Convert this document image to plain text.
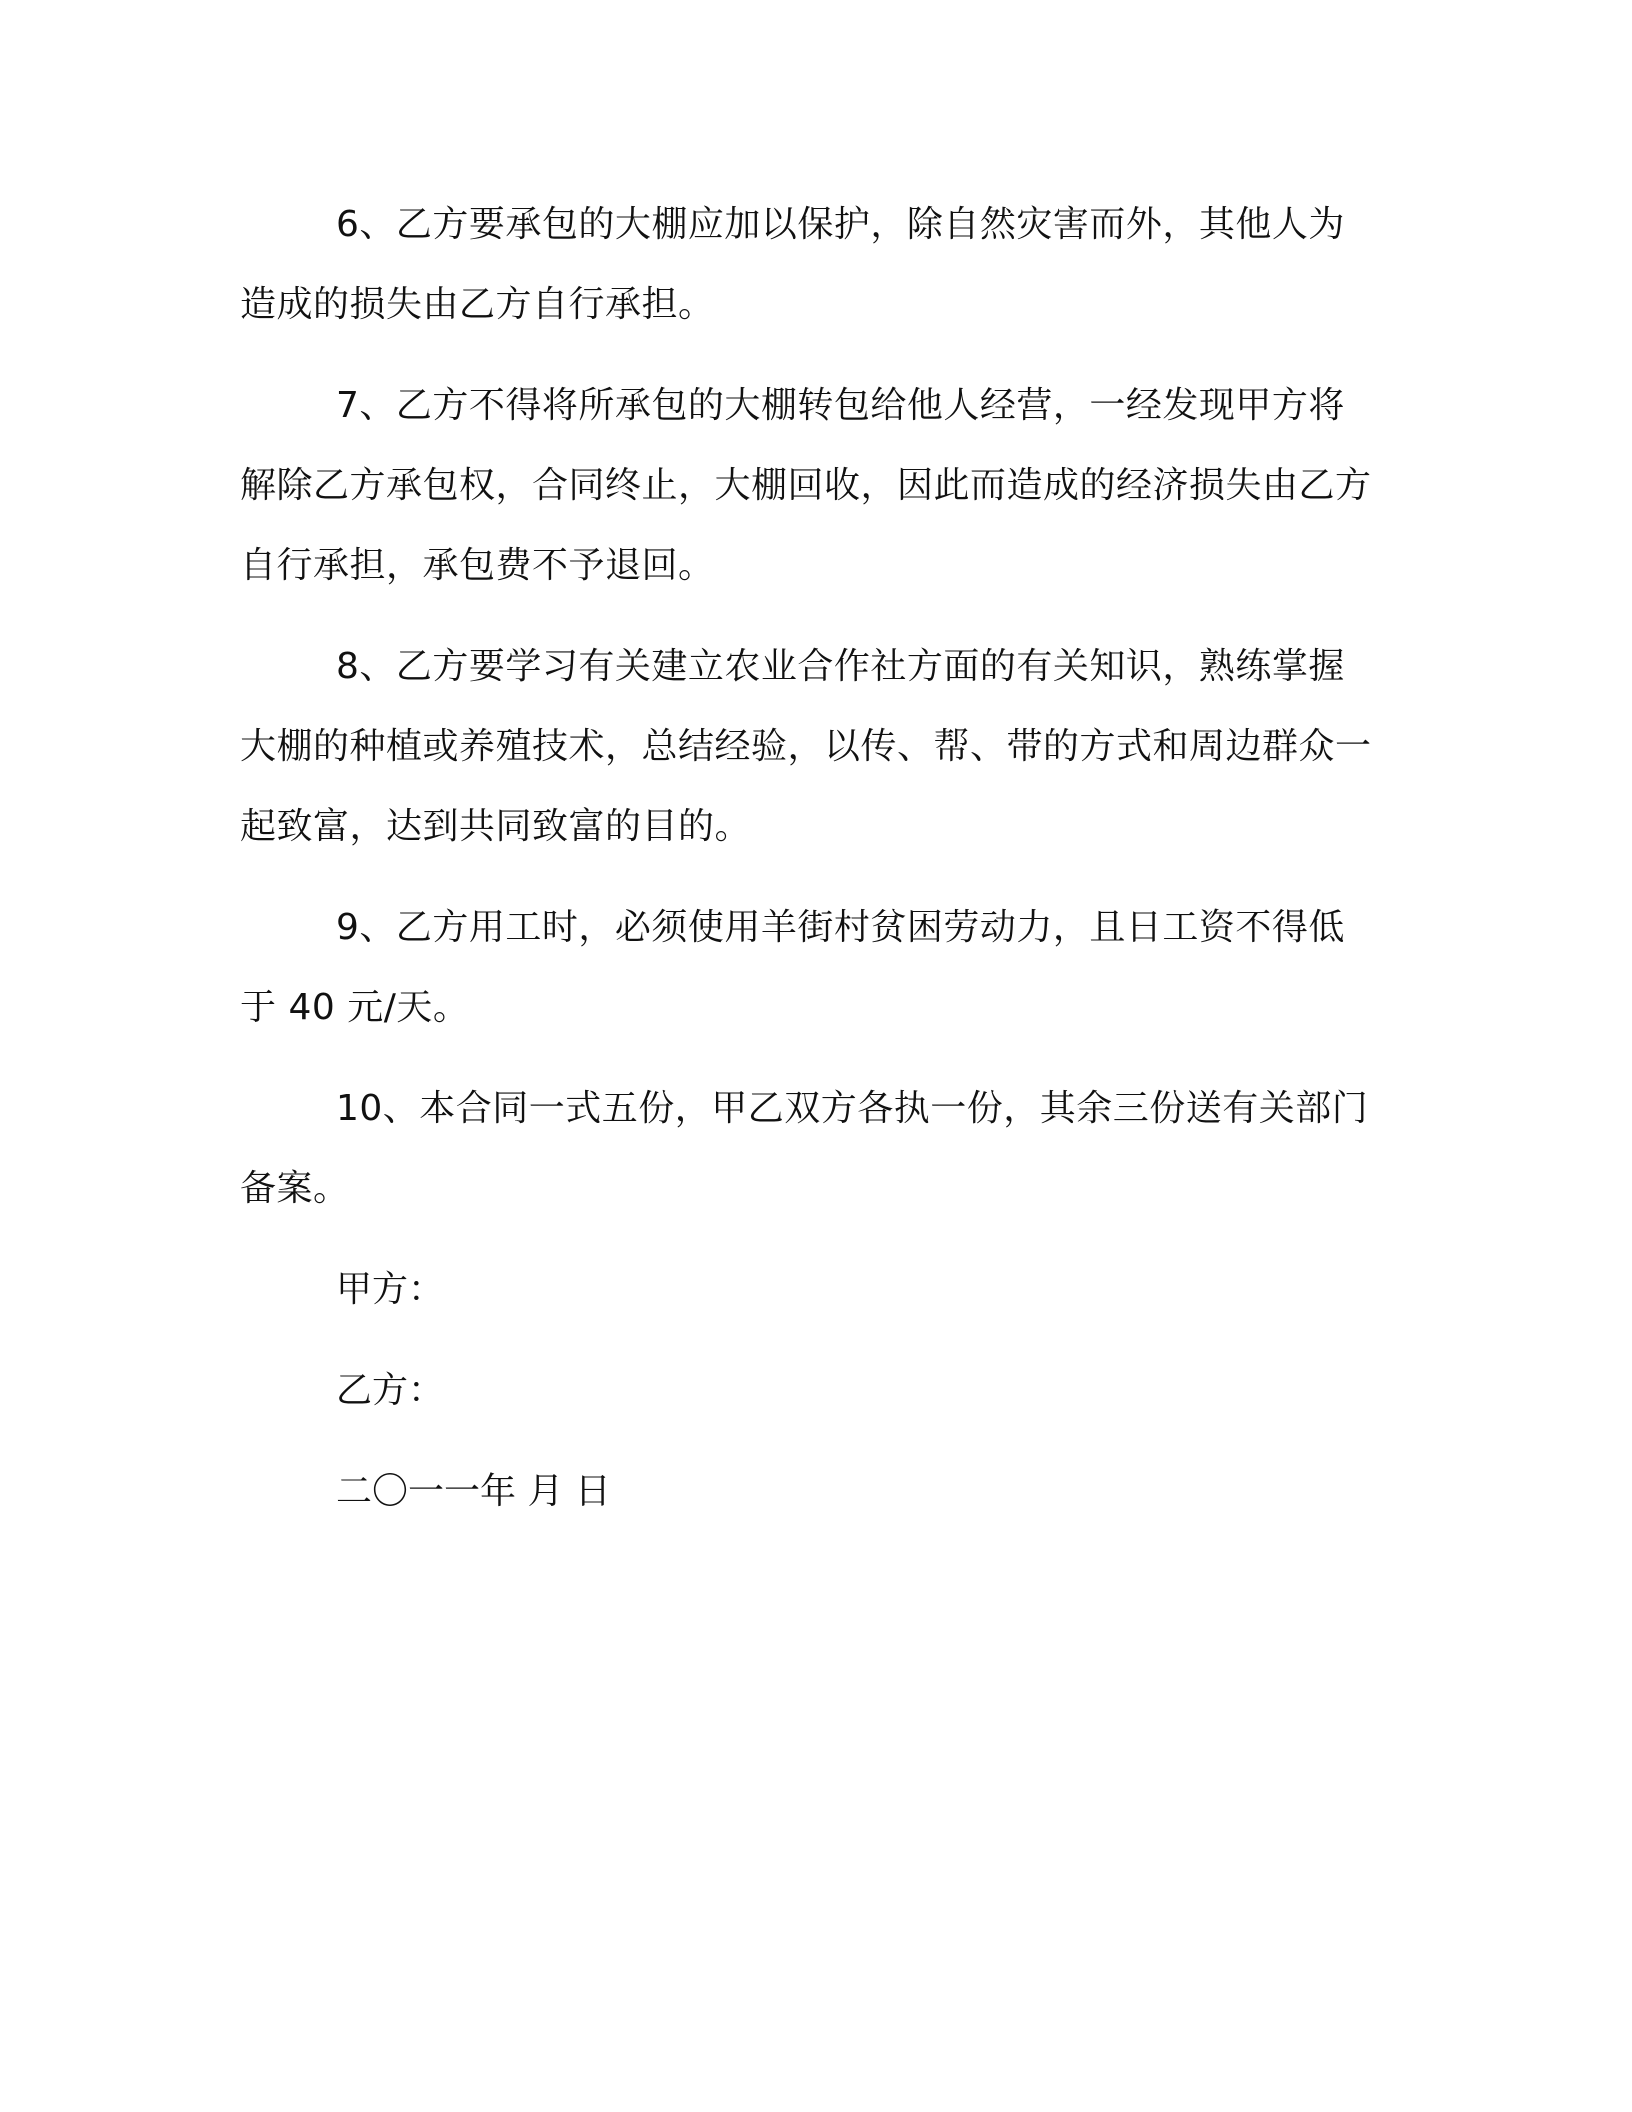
6、乙方要承包的大棚应加以保护，除自然灾害而外，其他人为造成的损失由乙方自行承担。

7、乙方不得将所承包的大棚转包给他人经营，一经发现甲方将解除乙方承包权，合同终止，大棚回收，因此而造成的经济损失由乙方自行承担，承包费不予退回。

8、乙方要学习有关建立农业合作社方面的有关知识，熟练掌握大棚的种植或养殖技术，总结经验，以传、帮、带的方式和周边群众一起致富，达到共同致富的目的。

9、乙方用工时，必须使用羊街村贫困劳动力，且日工资不得低于 40 元/天。

10、本合同一式五份，甲乙双方各执一份，其余三份送有关部门备案。

甲方：

乙方：

二〇一一年 月 日
